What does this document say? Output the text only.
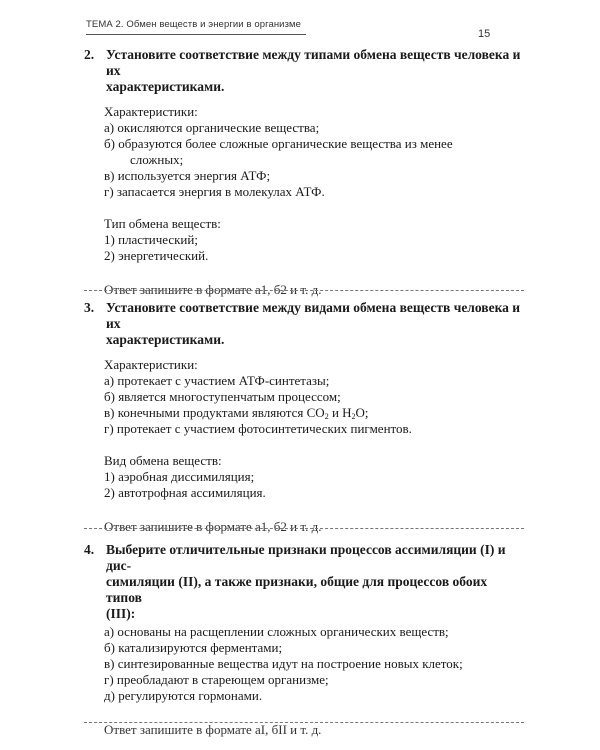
ТЕМА 2. Обмен веществ и энергии в организме
15
2. Установите соответствие между типами обмена веществ человека и их
характеристиками.
Характеристики:
а) окисляются органические вещества;
б) образуются более сложные органические вещества из менее
сложных;
в) используется энергия АТФ;
г) запасается энергия в молекулах АТФ.
Тип обмена веществ:
1) пластический;
2) энергетический.
Ответ запишите в формате а1, б2 и т. д.
3. Установите соответствие между видами обмена веществ человека и их
характеристиками.
Характеристики:
а) протекает с участием АТФ-синтетазы;
б) является многоступенчатым процессом;
в) конечными продуктами являются $CO_2$ и $H_2O$;
г) протекает с участием фотосинтетических пигментов.
Вид обмена веществ:
1) аэробная диссимиляция;
2) автотрофная ассимиляция.
Ответ запишите в формате а1, б2 и т. д.
4. Выберите отличительные признаки процессов ассимиляции (I) и дис-
симиляции (II), а также признаки, общие для процессов обоих типов
(III):
а) основаны на расщеплении сложных органических веществ;
б) катализируются ферментами;
в) синтезированные вещества идут на построение новых клеток;
г) преобладают в стареющем организме;
д) регулируются гормонами.
Ответ запишите в формате аI, бII и т. д.
